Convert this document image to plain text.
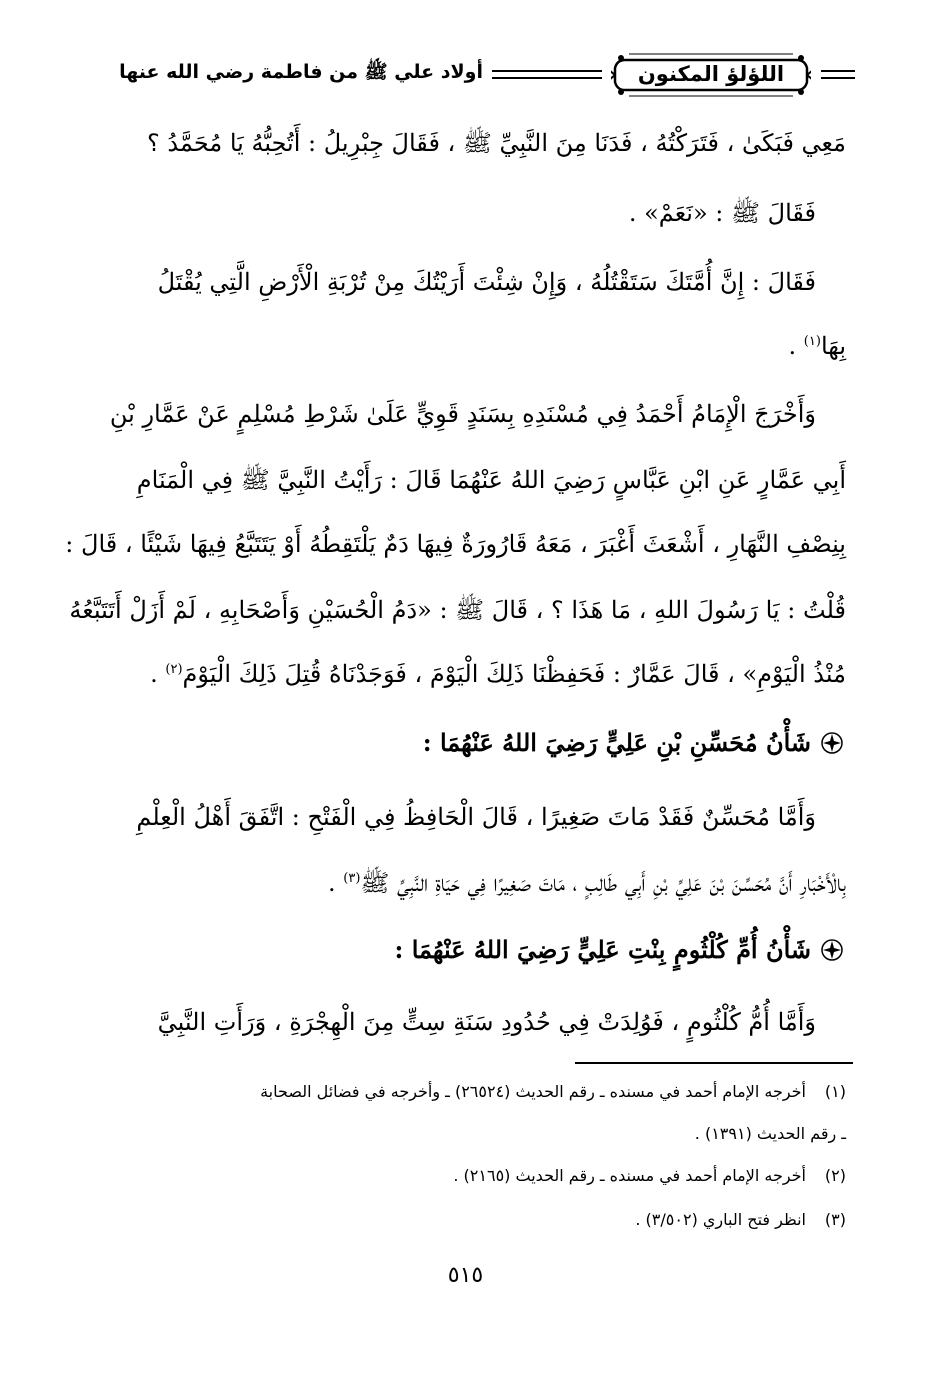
اللؤلؤ المكنون
أولاد علي ﷺ من فاطمة رضي الله عنها
مَعِي فَبَكَىٰ ، فَتَرَكْتُهُ ، فَدَنَا مِنَ النَّبِيِّ ﷺ ، فَقَالَ جِبْرِيلُ : أَتُحِبُّهُ يَا مُحَمَّدُ ؟
فَقَالَ ﷺ : «نَعَمْ» .
فَقَالَ : إِنَّ أُمَّتَكَ سَتَقْتُلُهُ ، وَإِنْ شِئْتَ أَرَيْتُكَ مِنْ تُرْبَةِ الْأَرْضِ الَّتِي يُقْتَلُ
بِهَا$^{(١)}$ .
وَأَخْرَجَ الْإِمَامُ أَحْمَدُ فِي مُسْنَدِهِ بِسَنَدٍ قَوِيٍّ عَلَىٰ شَرْطِ مُسْلِمٍ عَنْ عَمَّارِ بْنِ
أَبِي عَمَّارٍ عَنِ ابْنِ عَبَّاسٍ رَضِيَ اللهُ عَنْهُمَا قَالَ : رَأَيْتُ النَّبِيَّ ﷺ فِي الْمَنَامِ
بِنِصْفِ النَّهَارِ ، أَشْعَثَ أَغْبَرَ ، مَعَهُ قَارُورَةٌ فِيهَا دَمٌ يَلْتَقِطُهُ أَوْ يَتَتَبَّعُ فِيهَا شَيْئًا ، قَالَ :
قُلْتُ : يَا رَسُولَ اللهِ ، مَا هَذَا ؟ ، قَالَ ﷺ : «دَمُ الْحُسَيْنِ وَأَصْحَابِهِ ، لَمْ أَزَلْ أَتَتَبَّعُهُ
مُنْذُ الْيَوْمِ» ، قَالَ عَمَّارٌ : فَحَفِظْنَا ذَلِكَ الْيَوْمَ ، فَوَجَدْنَاهُ قُتِلَ ذَلِكَ الْيَوْمَ$^{(٢)}$ .
شَأْنُ مُحَسِّنِ بْنِ عَلِيٍّ رَضِيَ اللهُ عَنْهُمَا :
وَأَمَّا مُحَسِّنٌ فَقَدْ مَاتَ صَغِيرًا ، قَالَ الْحَافِظُ فِي الْفَتْحِ : اتَّفَقَ أَهْلُ الْعِلْمِ
بِالْأَخْبَارِ أَنَّ مُحَسِّنَ بْنَ عَلِيِّ بْنِ أَبِي طَالِبٍ ، مَاتَ صَغِيرًا فِي حَيَاةِ النَّبِيِّ ﷺ$^{(٣)}$ .
شَأْنُ أُمِّ كُلْثُومٍ بِنْتِ عَلِيٍّ رَضِيَ اللهُ عَنْهُمَا :
وَأَمَّا أُمُّ كُلْثُومٍ ، فَوُلِدَتْ فِي حُدُودِ سَنَةِ سِتٍّ مِنَ الْهِجْرَةِ ، وَرَأَتِ النَّبِيَّ
(١)أخرجه الإمام أحمد في مسنده ـ رقم الحديث (٢٦٥٢٤) ـ وأخرجه في فضائل الصحابة
ـ رقم الحديث (١٣٩١) .
(٢)أخرجه الإمام أحمد في مسنده ـ رقم الحديث (٢١٦٥) .
(٣)انظر فتح الباري (٣/٥٠٢) .
٥١٥
